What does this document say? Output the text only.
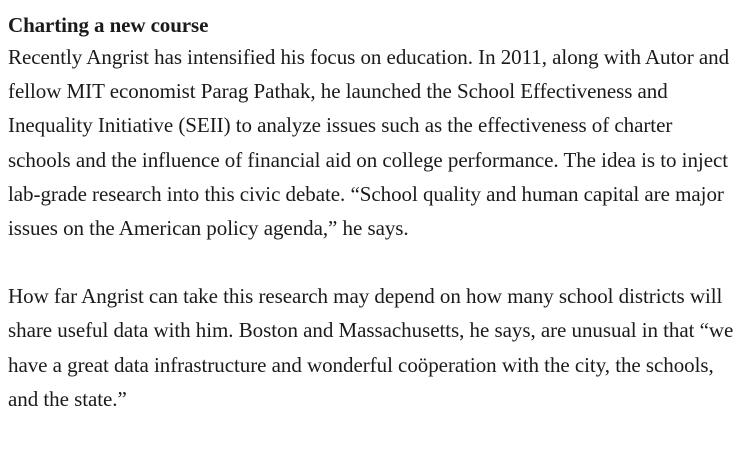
Charting a new course

Recently Angrist has intensified his focus on education. In 2011, along with Autor and fellow MIT economist Parag Pathak, he launched the School Effectiveness and Inequality Initiative (SEII) to analyze issues such as the effectiveness of charter schools and the influence of financial aid on college performance. The idea is to inject lab-grade research into this civic debate. “School quality and human capital are major issues on the American policy agenda,” he says.

How far Angrist can take this research may depend on how many school districts will share useful data with him. Boston and Massachusetts, he says, are unusual in that “we have a great data infrastructure and wonderful coöperation with the city, the schools, and the state.”
